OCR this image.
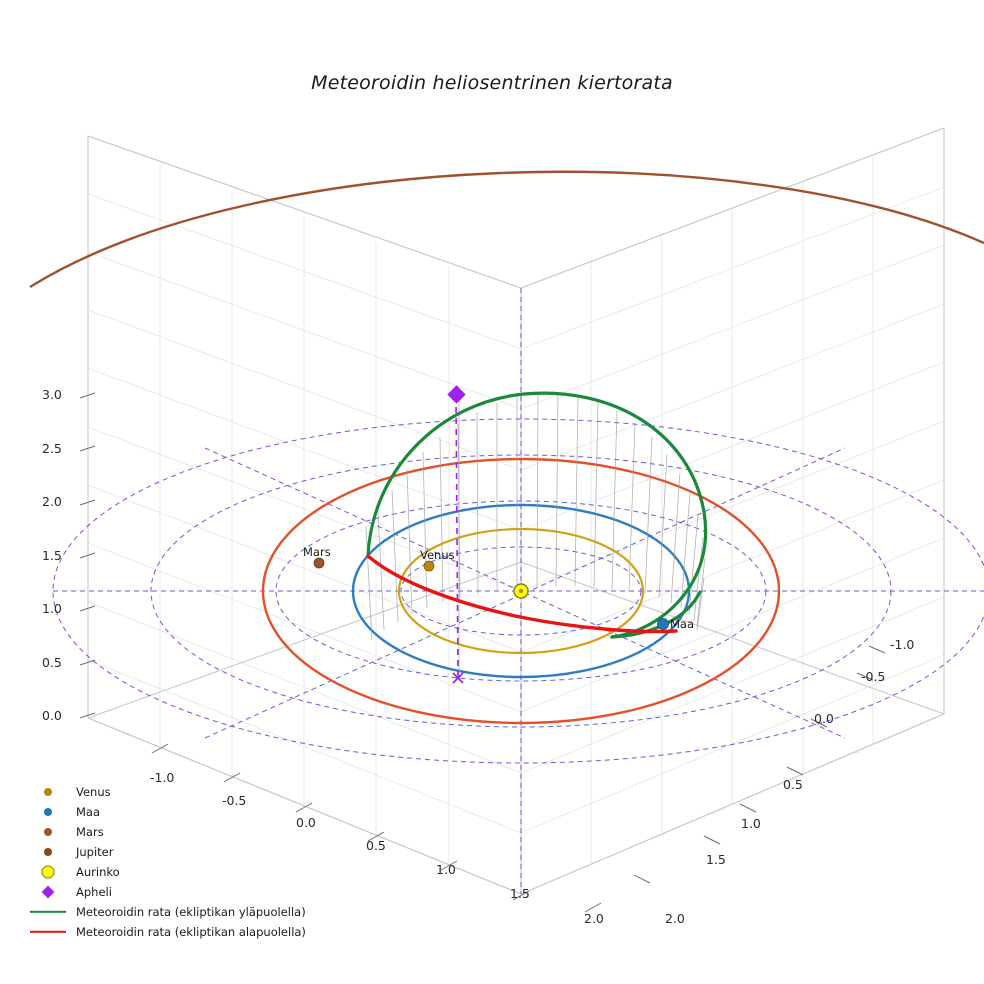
Meteoroidin heliosentrinen kiertorata
Mars	Venus
Maa
3.0
2.5
2.0
1.5
1.0
0.5
0.0
-1.0
-0.5
0.0
0.5
1.0
1.5
2.0
-1.0
-0.5
0.0
0.5
1.0
1.5
2.0
Venus
Maa
Mars
Jupiter
Aurinko
Apheli
Meteoroidin rata (ekliptikan yläpuolella)
Meteoroidin rata (ekliptikan alapuolella)
